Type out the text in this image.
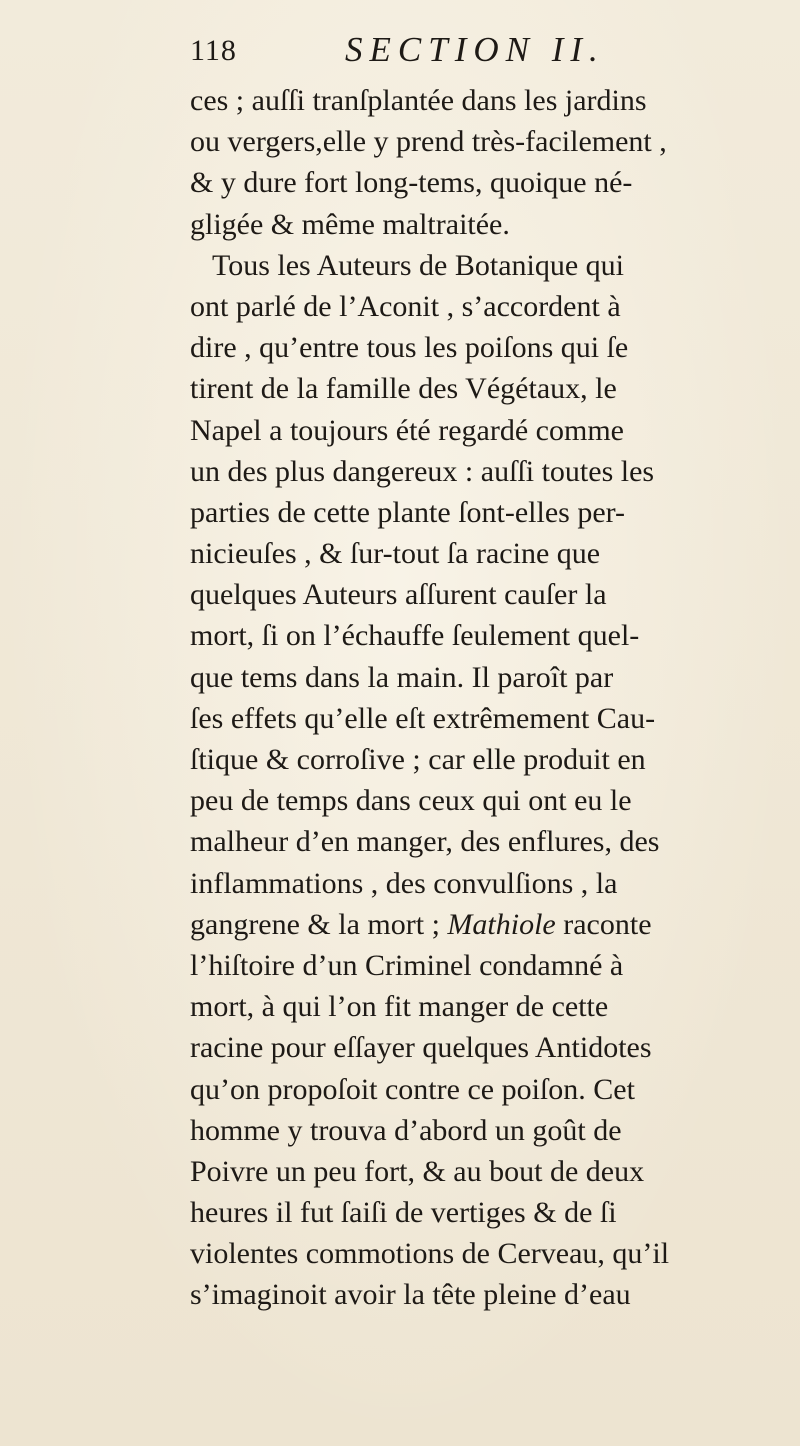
118	SECTION II.
ces ; auſſi tranſplantée dans les jardins
ou vergers,elle y prend très-facilement ,
& y dure fort long-tems, quoique né-
gligée & même maltraitée.
Tous les Auteurs de Botanique qui
ont parlé de l’Aconit , s’accordent à
dire , qu’entre tous les poiſons qui ſe
tirent de la famille des Végétaux, le
Napel a toujours été regardé comme
un des plus dangereux : auſſi toutes les
parties de cette plante ſont-elles per-
nicieuſes , & ſur-tout ſa racine que
quelques Auteurs aſſurent cauſer la
mort, ſi on l’échauffe ſeulement quel-
que tems dans la main. Il paroît par
ſes effets qu’elle eſt extrêmement Cau-
ſtique & corroſive ; car elle produit en
peu de temps dans ceux qui ont eu le
malheur d’en manger, des enflures, des
inflammations , des convulſions , la
gangrene & la mort ; Mathiole raconte
l’hiſtoire d’un Criminel condamné à
mort, à qui l’on fit manger de cette
racine pour eſſayer quelques Antidotes
qu’on propoſoit contre ce poiſon. Cet
homme y trouva d’abord un goût de
Poivre un peu fort, & au bout de deux
heures il fut ſaiſi de vertiges & de ſi
violentes commotions de Cerveau, qu’il
s’imaginoit avoir la tête pleine d’eau
